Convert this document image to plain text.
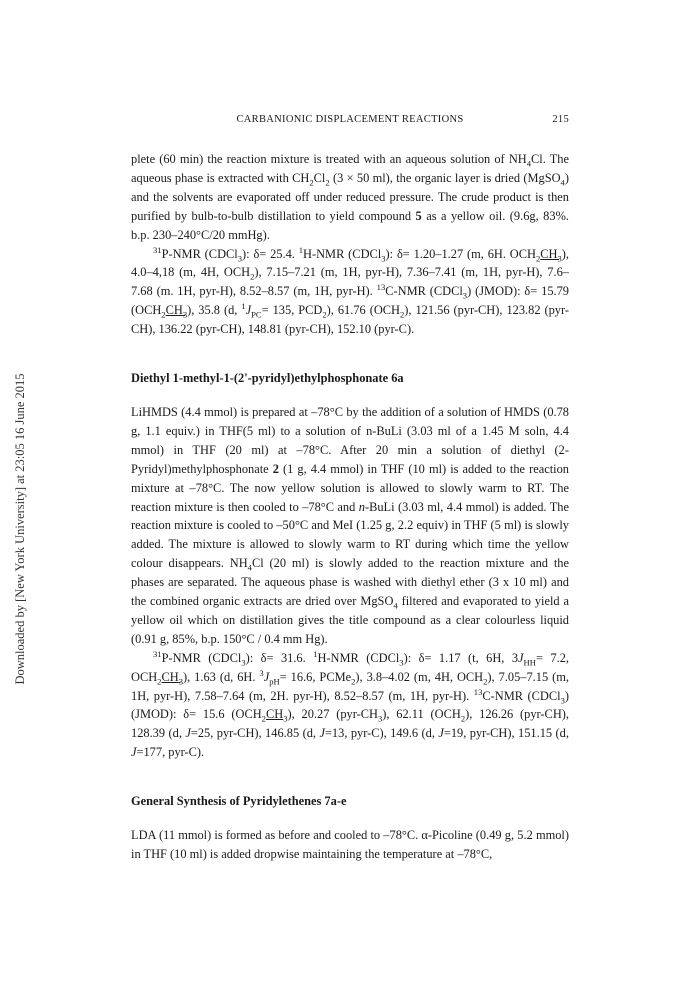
Downloaded by [New York University] at 23:05 16 June 2015
CARBANIONIC DISPLACEMENT REACTIONS	215

plete (60 min) the reaction mixture is treated with an aqueous solution of $NH_4Cl$. The aqueous phase is extracted with $CH_2Cl_2$ (3 × 50 ml), the organic layer is dried (MgSO$_4$) and the solvents are evaporated off under reduced pressure. The crude product is then purified by bulb-to-bulb distillation to yield compound 5 as a yellow oil. (9.6g, 83%. b.p. 230–240°C/20 mmHg).

$^{31}$P-NMR (CDCl$_3$): δ= 25.4. $^1$H-NMR (CDCl$_3$): δ= 1.20–1.27 (m, 6H. $OCH_2CH_3$), 4.0–4,18 (m, 4H, $OCH_2$), 7.15–7.21 (m, 1H, pyr-H), 7.36–7.41 (m, 1H, pyr-H), 7.6–7.68 (m. 1H, pyr-H), 8.52–8.57 (m, 1H, pyr-H). $^{13}$C-NMR (CDCl$_3$) (JMOD): δ= 15.79 $(OCH_2CH_3)$, 35.8 (d, $^1J_{PC}= 135$, $PCD_2$), 61.76 $(OCH_2)$, 121.56 (pyr-CH), 123.82 (pyr-CH), 136.22 (pyr-CH), 148.81 (pyr-CH), 152.10 (pyr-C).

Diethyl 1-methyl-1-(2'-pyridyl)ethylphosphonate 6a

LiHMDS (4.4 mmol) is prepared at –78°C by the addition of a solution of HMDS (0.78 g, 1.1 equiv.) in THF(5 ml) to a solution of n-BuLi (3.03 ml of a 1.45 M soln, 4.4 mmol) in THF (20 ml) at –78°C. After 20 min a solution of diethyl (2-Pyridyl)methylphosphonate 2 (1 g, 4.4 mmol) in THF (10 ml) is added to the reaction mixture at –78°C. The now yellow solution is allowed to slowly warm to RT. The reaction mixture is then cooled to –78°C and n-BuLi (3.03 ml, 4.4 mmol) is added. The reaction mixture is cooled to –50°C and MeI (1.25 g, 2.2 equiv) in THF (5 ml) is slowly added. The mixture is allowed to slowly warm to RT during which time the yellow colour disappears. $NH_4Cl$ (20 ml) is slowly added to the reaction mixture and the phases are separated. The aqueous phase is washed with diethyl ether (3 x 10 ml) and the combined organic extracts are dried over MgSO$_4$ filtered and evaporated to yield a yellow oil which on distillation gives the title compound as a clear colourless liquid (0.91 g, 85%, b.p. 150°C / 0.4 mm Hg).

$^{31}$P-NMR (CDCl$_3$): δ= 31.6. $^1$H-NMR (CDCl$_3$): δ= 1.17 (t, 6H, $3J_{HH}= 7.2$, $OCH_2CH_3$), 1.63 (d, 6H. $^3J_{pH}= 16.6$, PCMe$_2$), 3.8–4.02 (m, 4H, $OCH_2$), 7.05–7.15 (m, 1H, pyr-H), 7.58–7.64 (m, 2H. pyr-H), 8.52–8.57 (m, 1H, pyr-H). $^{13}$C-NMR (CDCl$_3$) (JMOD): δ= 15.6 $(OCH_2CH_3)$, 20.27 $(pyr-CH_3)$, 62.11 $(OCH_2)$, 126.26 (pyr-CH), 128.39 (d, J=25, pyr-CH), 146.85 (d, J=13, pyr-C), 149.6 (d, J=19, pyr-CH), 151.15 (d, J=177, pyr-C).

General Synthesis of Pyridylethenes 7a-e

LDA (11 mmol) is formed as before and cooled to –78°C. α-Picoline (0.49 g, 5.2 mmol) in THF (10 ml) is added dropwise maintaining the temperature at –78°C,
